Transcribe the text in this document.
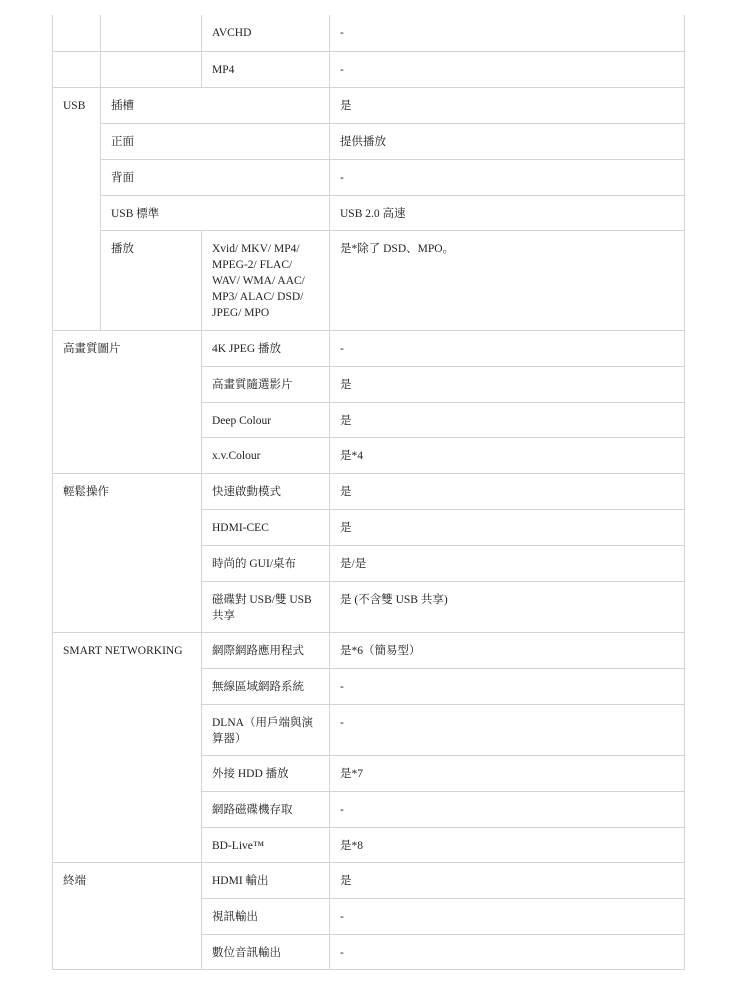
		AVCHD	-
		MP4	-
USB	插槽		是
	正面		提供播放
	背面		-
	USB 標準		USB 2.0 高速
	播放	Xvid/ MKV/ MP4/ MPEG-2/ FLAC/ WAV/ WMA/ AAC/ MP3/ ALAC/ DSD/ JPEG/ MPO	是*除了 DSD、MPO。
高畫質圖片		4K JPEG 播放	-
		高畫質隨選影片	是
		Deep Colour	是
		x.v.Colour	是*4
輕鬆操作		快速啟動模式	是
		HDMI-CEC	是
		時尚的 GUI/桌布	是/是
		磁碟對 USB/雙 USB 共享	是 (不含雙 USB 共享)
SMART NETWORKING		網際網路應用程式	是*6（簡易型）
		無線區域網路系統	-
		DLNA（用戶端與演算器）	-
		外接 HDD 播放	是*7
		網路磁碟機存取	-
		BD-Live™	是*8
終端		HDMI 輸出	是
		視訊輸出	-
		數位音訊輸出	-
